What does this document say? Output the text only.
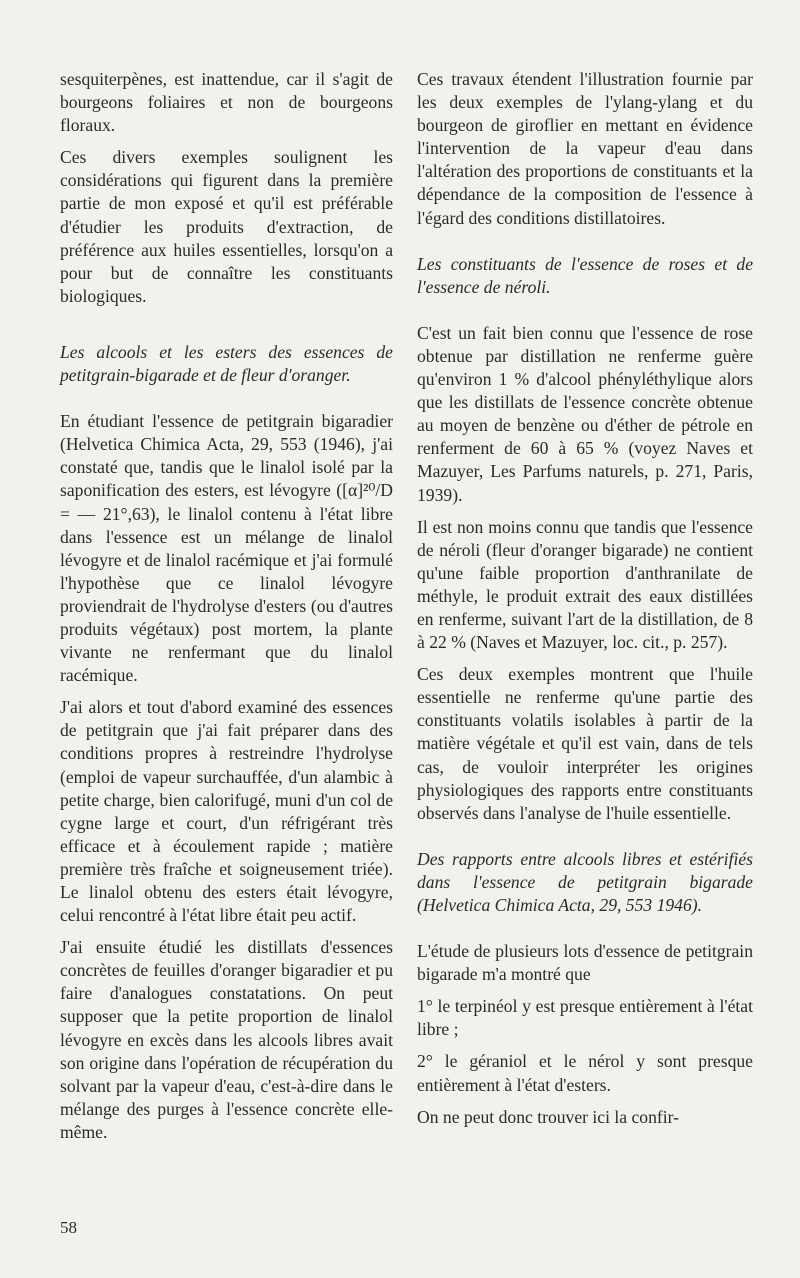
sesquiterpènes, est inattendue, car il s'agit de bourgeons foliaires et non de bourgeons floraux.

Ces divers exemples soulignent les considérations qui figurent dans la première partie de mon exposé et qu'il est préférable d'étudier les produits d'extraction, de préférence aux huiles essentielles, lorsqu'on a pour but de connaître les constituants biologiques.

Les alcools et les esters des essences de petitgrain-bigarade et de fleur d'oranger.

En étudiant l'essence de petitgrain bigaradier (Helvetica Chimica Acta, 29, 553 (1946), j'ai constaté que, tandis que le linalol isolé par la saponification des esters, est lévogyre ([α]²⁰/D = — 21°,63), le linalol contenu à l'état libre dans l'essence est un mélange de linalol lévogyre et de linalol racémique et j'ai formulé l'hypothèse que ce linalol lévogyre proviendrait de l'hydrolyse d'esters (ou d'autres produits végétaux) post mortem, la plante vivante ne renfermant que du linalol racémique.

J'ai alors et tout d'abord examiné des essences de petitgrain que j'ai fait préparer dans des conditions propres à restreindre l'hydrolyse (emploi de vapeur surchauffée, d'un alambic à petite charge, bien calorifugé, muni d'un col de cygne large et court, d'un réfrigérant très efficace et à écoulement rapide ; matière première très fraîche et soigneusement triée). Le linalol obtenu des esters était lévogyre, celui rencontré à l'état libre était peu actif.

J'ai ensuite étudié les distillats d'essences concrètes de feuilles d'oranger bigaradier et pu faire d'analogues constatations. On peut supposer que la petite proportion de linalol lévogyre en excès dans les alcools libres avait son origine dans l'opération de récupération du solvant par la vapeur d'eau, c'est-à-dire dans le mélange des purges à l'essence concrète elle-même.

Ces travaux étendent l'illustration fournie par les deux exemples de l'ylang-ylang et du bourgeon de giroflier en mettant en évidence l'intervention de la vapeur d'eau dans l'altération des proportions de constituants et la dépendance de la composition de l'essence à l'égard des conditions distillatoires.

Les constituants de l'essence de roses et de l'essence de néroli.

C'est un fait bien connu que l'essence de rose obtenue par distillation ne renferme guère qu'environ 1 % d'alcool phényléthylique alors que les distillats de l'essence concrète obtenue au moyen de benzène ou d'éther de pétrole en renferment de 60 à 65 % (voyez Naves et Mazuyer, Les Parfums naturels, p. 271, Paris, 1939).

Il est non moins connu que tandis que l'essence de néroli (fleur d'oranger bigarade) ne contient qu'une faible proportion d'anthranilate de méthyle, le produit extrait des eaux distillées en renferme, suivant l'art de la distillation, de 8 à 22 % (Naves et Mazuyer, loc. cit., p. 257).

Ces deux exemples montrent que l'huile essentielle ne renferme qu'une partie des constituants volatils isolables à partir de la matière végétale et qu'il est vain, dans de tels cas, de vouloir interpréter les origines physiologiques des rapports entre constituants observés dans l'analyse de l'huile essentielle.

Des rapports entre alcools libres et estérifiés dans l'essence de petitgrain bigarade (Helvetica Chimica Acta, 29, 553 1946).

L'étude de plusieurs lots d'essence de petitgrain bigarade m'a montré que

1° le terpinéol y est presque entièrement à l'état libre ;

2° le géraniol et le nérol y sont presque entièrement à l'état d'esters.

On ne peut donc trouver ici la confir-

58
